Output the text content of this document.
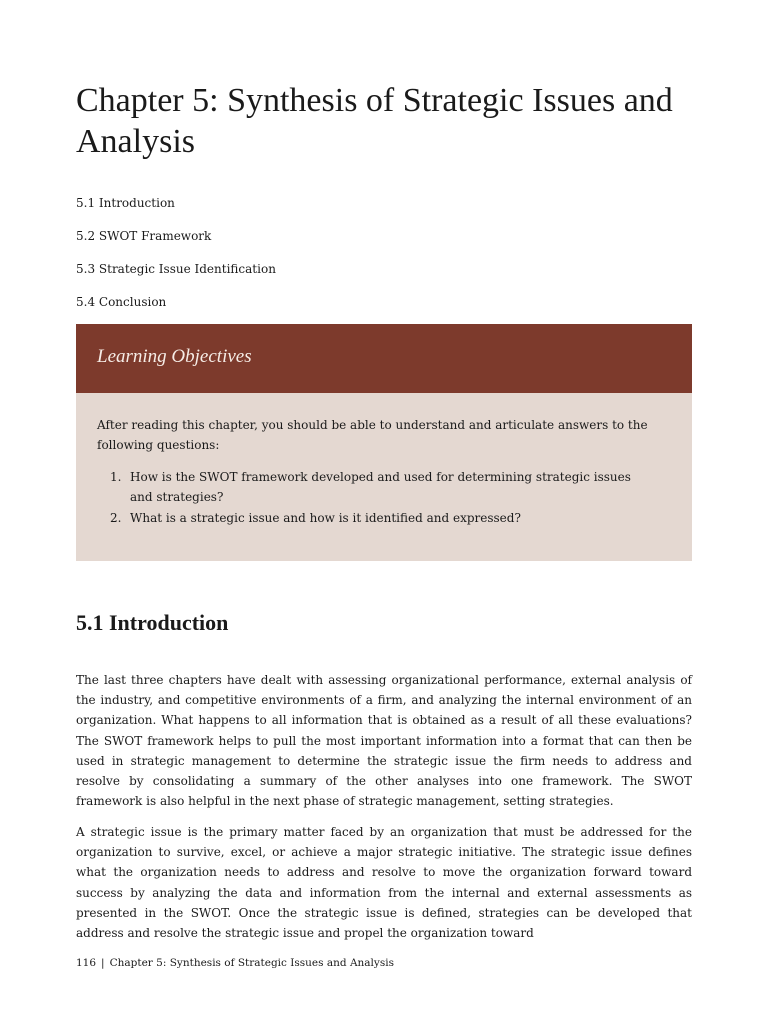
Chapter 5: Synthesis of Strategic Issues and Analysis
5.1 Introduction
5.2 SWOT Framework
5.3 Strategic Issue Identification
5.4 Conclusion
Learning Objectives

After reading this chapter, you should be able to understand and articulate answers to the following questions:

1. How is the SWOT framework developed and used for determining strategic issues and strategies?
2. What is a strategic issue and how is it identified and expressed?
5.1 Introduction

The last three chapters have dealt with assessing organizational performance, external analysis of the industry, and competitive environments of a firm, and analyzing the internal environment of an organization. What happens to all information that is obtained as a result of all these evaluations? The SWOT framework helps to pull the most important information into a format that can then be used in strategic management to determine the strategic issue the firm needs to address and resolve by consolidating a summary of the other analyses into one framework. The SWOT framework is also helpful in the next phase of strategic management, setting strategies.

A strategic issue is the primary matter faced by an organization that must be addressed for the organization to survive, excel, or achieve a major strategic initiative. The strategic issue defines what the organization needs to address and resolve to move the organization forward toward success by analyzing the data and information from the internal and external assessments as presented in the SWOT. Once the strategic issue is defined, strategies can be developed that address and resolve the strategic issue and propel the organization toward

116 | Chapter 5: Synthesis of Strategic Issues and Analysis
